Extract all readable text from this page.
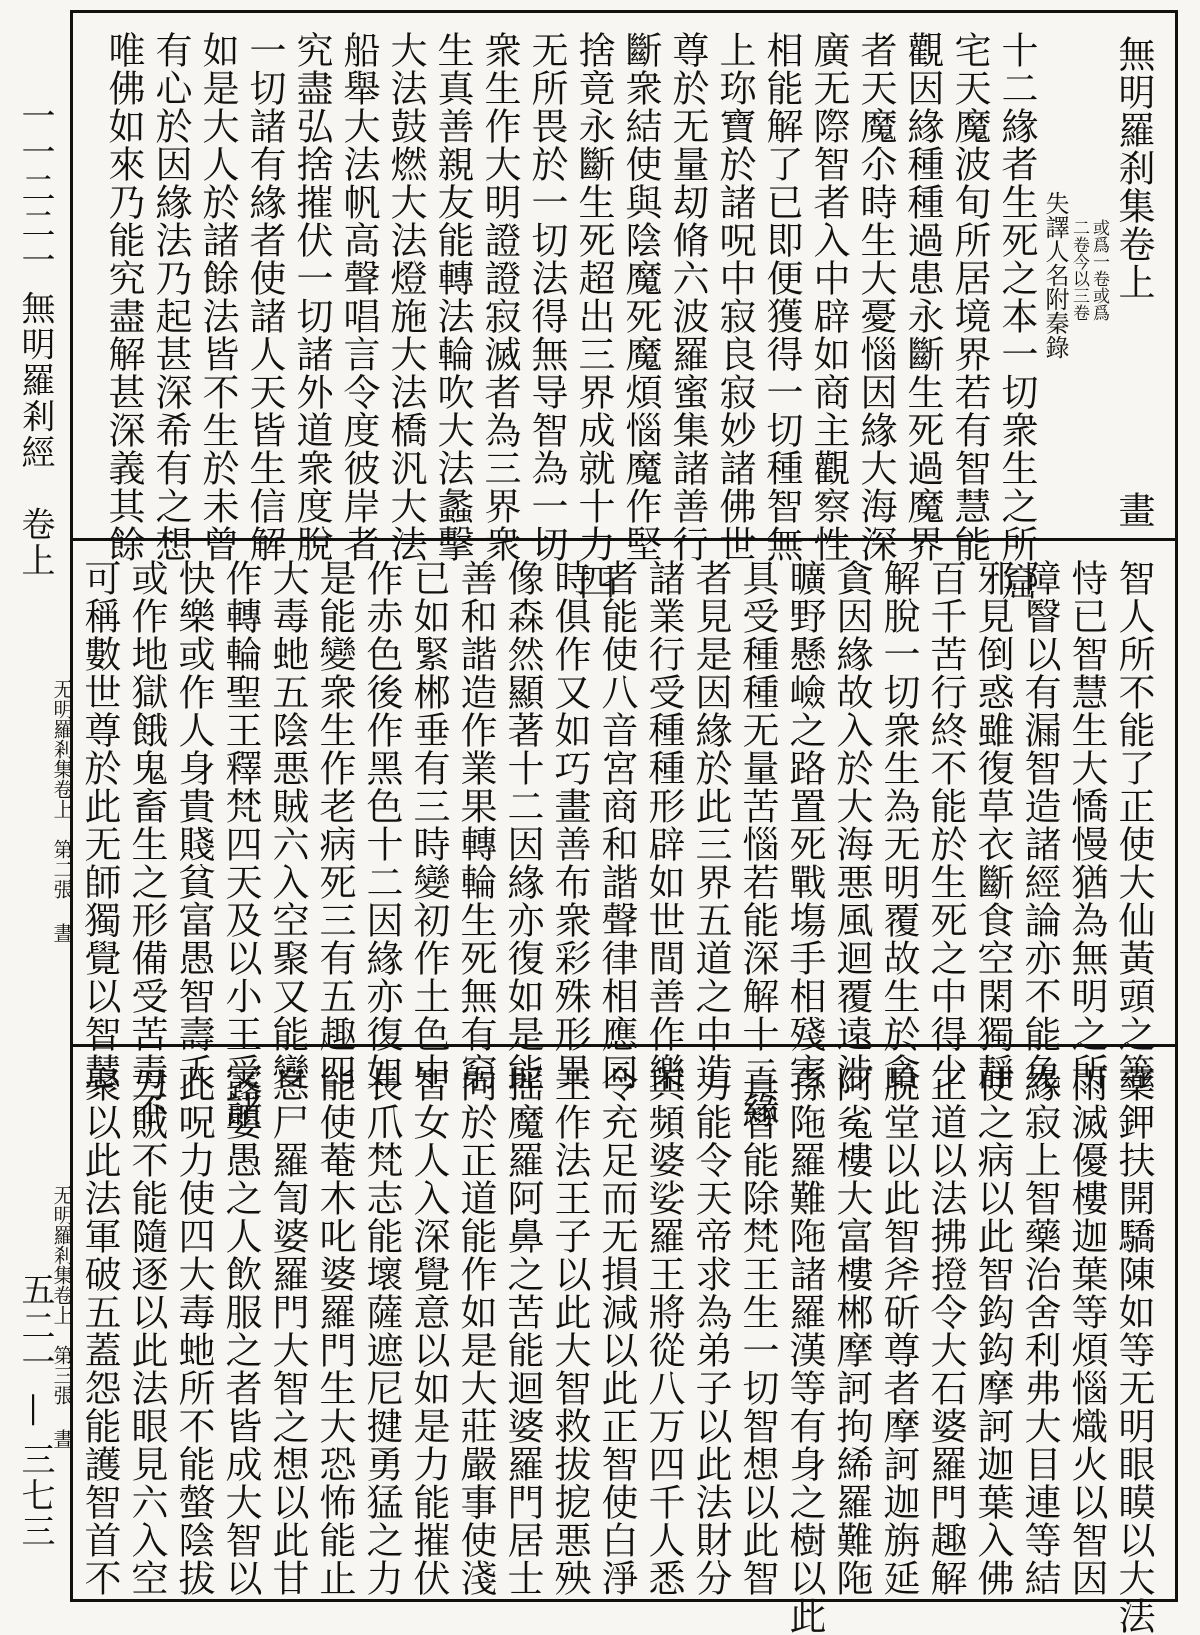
一一二二一 無明羅剎經　卷上
五二一 — 三七三
無明羅刹集卷上畫
或爲一卷或爲
二卷今以三卷
失譯人名附秦錄
十二緣者生死之本一切衆生之所窟
宅天魔波旬所居境界若有智慧能
觀因緣種種過患永斷生死過魔界
者天魔尒時生大憂惱因緣大海深
廣无際智者入中辟如商主觀察性
相能解了已即便獲得一切種智無
上珎寶於諸呪中寂良寂妙諸佛世
尊於无量刧脩六波羅蜜集諸善行
斷衆結使與陰魔死魔煩惱魔作堅
捨竟永斷生死超出三界成就十力四
无所畏於一切法得無导智為一切
衆生作大明證證寂滅者為三界衆
生真善親友能轉法輪吹大法蠡擊
大法鼓燃大法燈施大法橋汎大法
船舉大法帆高聲唱言令度彼岸者
究盡弘捨摧伏一切諸外道衆度脫
一切諸有緣者使諸人天皆生信解
如是大人於諸餘法皆不生於未曾
有心於因緣法乃起甚深希有之想
唯佛如來乃能究盡解甚深義其餘
智人所不能了正使大仙黃頭之等
恃已智慧生大憍慢猶為無明之所
障瞖以有漏智造諸經論亦不能免
邪見倒惑雖復草衣斷食空閑獨靜
百千苦行終不能於生死之中得少
解脫一切衆生為无明覆故生於貪
貪因緣故入於大海悪風迴覆遠涉
曠野懸嶮之路置死戰塲手相殘害
具受種種无量苦惱若能深解十二緣
者見是因緣於此三界五道之中造
諸業行受種種形辟如世間善作樂
者能使八音宮商和諧聲律相應同
時俱作又如巧畫善布衆彩殊形異
像森然顯著十二因緣亦復如是能
善和諧造作業果轉輪生死無有窮
已如緊郴垂有三時變初作土色中
作赤色後作黑色十二因緣亦復如
是能變衆生作老病死三有五趣四
大毒虵五陰悪賊六入空聚又能變
作轉輪聖王釋梵四天及以小王受諸
快樂或作人身貴賤貧富愚智壽夭
或作地獄餓鬼畜生之形備受苦毒不
可稱數世尊於此无師獨覺以智慧
无明羅剎集卷上　第二張晝
藥鉀扶開驕陳如等无明眼瞙以大法
雨滅優樓迦葉等煩惱熾火以智因
緣寂上智藥治舍利弗大目連等結
使之病以此智鈎鈎摩訶迦葉入佛
正道以法拂撜令大石婆羅門趣解
脫堂以此智斧斫尊者摩訶迦旃延
阿㝹樓大富樓郴摩訶拘絺羅難陁
孫陁羅難陁諸羅漢等有身之樹以此
真智能除梵王生一切智想以此智
力能令天帝求為弟子以此法財分
與頻婆娑羅王將從八万四千人悉
令充足而无損減以此正智使白淨
王作法王子以此大智救拔㧖悪殃
摇魔羅阿鼻之苦能迴婆羅門居士
向於正道能作如是大莊嚴事使淺
智女人入深覺意以如是力能摧伏
長爪梵志能壞薩遮尼揵勇猛之力
能使菴木叱婆羅門生大恐怖能止
息尸羅訇婆羅門大智之想以此甘
露嬰愚之人飲服之者皆成大智以
此呪力使四大毒虵所不能螫陰拔
刀賊不能隨逐以此法眼見六入空
聚以此法軍破五蓋怨能護智首不
无明羅剎集卷上　第三張晝
